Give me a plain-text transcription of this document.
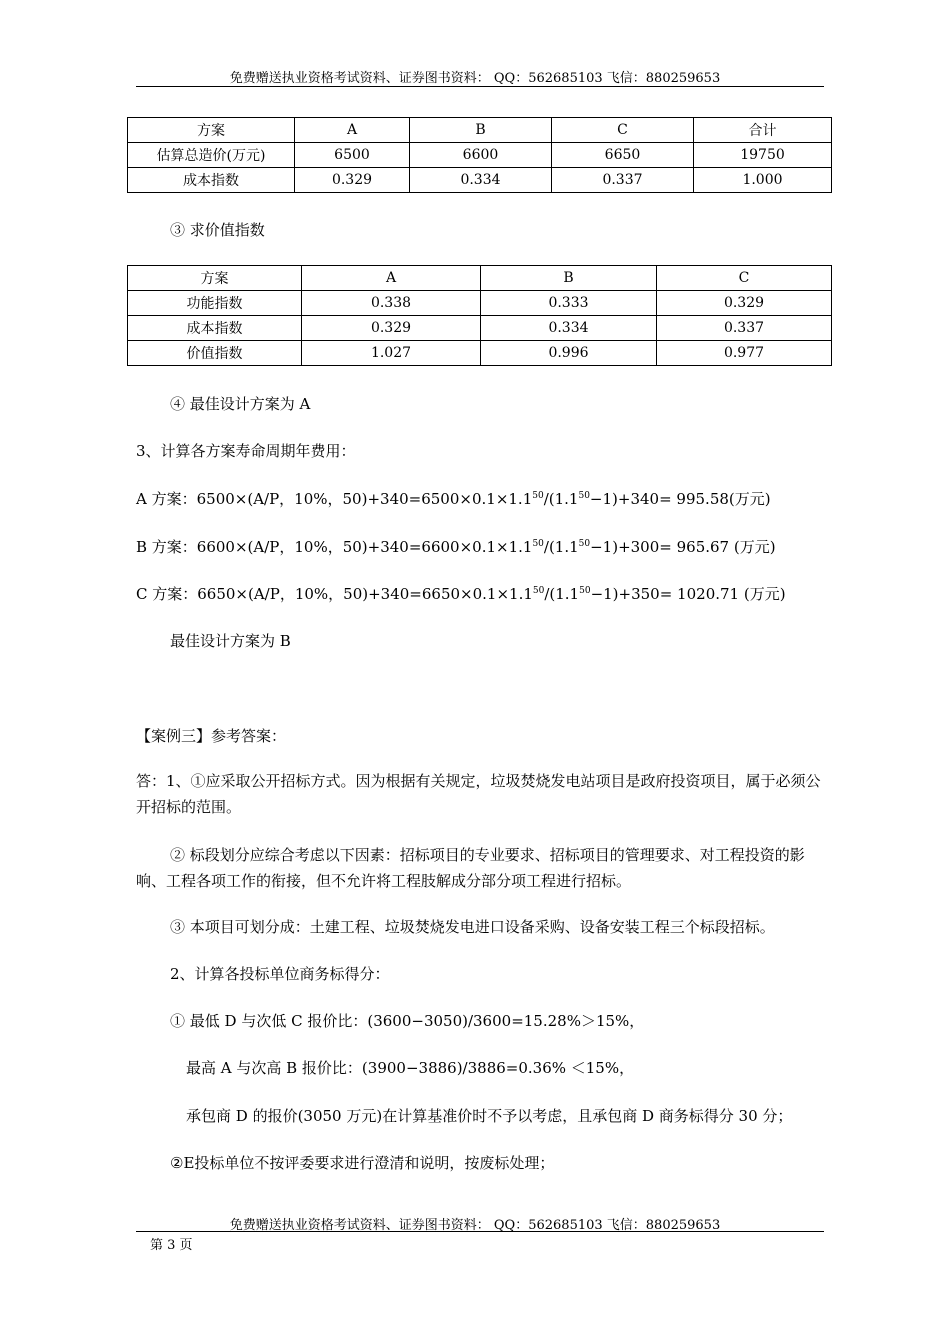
免费赠送执业资格考试资料、证券图书资料： QQ：562685103 飞信：880259653
方案	A	B	C	合计
估算总造价(万元)	6500	6600	6650	19750
成本指数	0.329	0.334	0.337	1.000
③ 求价值指数
方案	A	B	C
功能指数	0.338	0.333	0.329
成本指数	0.329	0.334	0.337
价值指数	1.027	0.996	0.977
④ 最佳设计方案为 A
3、计算各方案寿命周期年费用：
A 方案：6500×(A/P，10%，$50)+340=6500\times 0.1\times 1.1^{50}/(1.1^{50}-1)+340= 995.58$(万元)
B 方案：6600×(A/P，10%，$50)+340=6600\times 0.1\times 1.1^{50}/(1.1^{50}-1)+300= 965.67$ (万元)
C 方案：6650×(A/P，10%，$50)+340=6650\times 0.1\times 1.1^{50}/(1.1^{50}-1)+350= 1020.71$ (万元)
最佳设计方案为 B
【案例三】参考答案：
答：1、①应采取公开招标方式。因为根据有关规定，垃圾焚烧发电站项目是政府投资项目，属于必须公开招标的范围。
② 标段划分应综合考虑以下因素：招标项目的专业要求、招标项目的管理要求、对工程投资的影响、工程各项工作的衔接，但不允许将工程肢解成分部分项工程进行招标。
③ 本项目可划分成：土建工程、垃圾焚烧发电进口设备采购、设备安装工程三个标段招标。
2、计算各投标单位商务标得分：
① 最低 D 与次低 C 报价比：(3600−3050)/3600=15.28%＞15%，
最高 A 与次高 B 报价比：(3900−3886)/3886=0.36% ＜15%，
承包商 D 的报价(3050 万元)在计算基准价时不予以考虑，且承包商 D 商务标得分 30 分；
②E投标单位不按评委要求进行澄清和说明，按废标处理；
免费赠送执业资格考试资料、证券图书资料： QQ：562685103 飞信：880259653
第 3 页
